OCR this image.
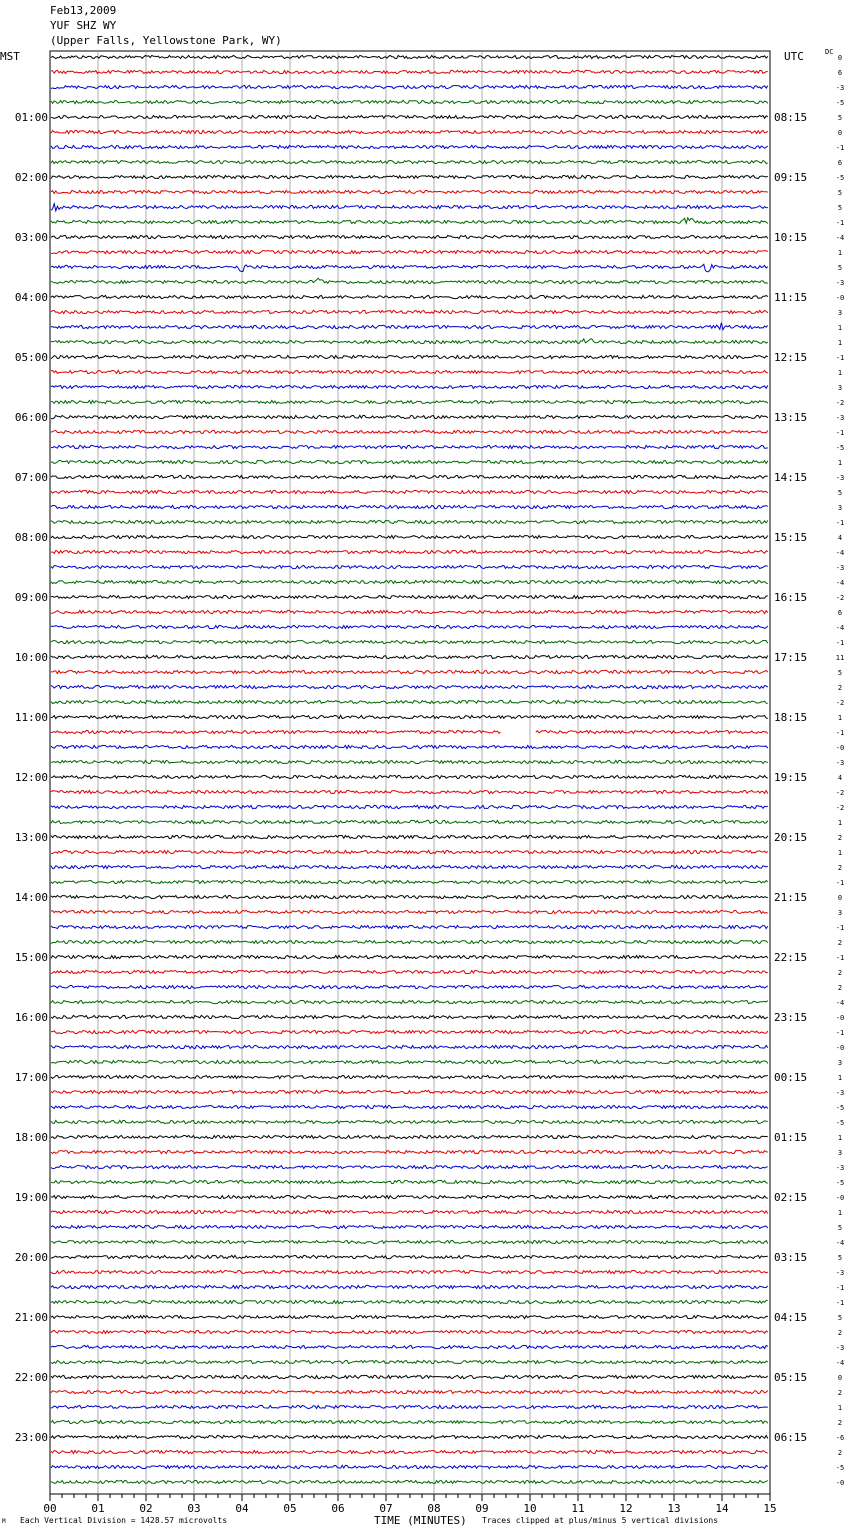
Feb13,2009
YUF SHZ WY
(Upper Falls, Yellowstone Park, WY)
MST	UTC	DC
0
6
-3
-5
5
0
-1
6
-5
5
5
-1
-4
1
5
-3
-0
3
1
1
-1
1
3
-2
-3
-1
-5
1
-3
5
3
-1
4
-4
-3
-4
-2
6
-4
-1
11
5
2
-2
1
-1
-0
-3
4
-2
-2
1
2
1
2
-1
0
3
-1
2
-1
2
2
-4
-0
-1
-0
3
1
-3
-5
-5
1
3
-3
-5
-0
1
5
-4
5
-3
-1
-1
5
2
-3
-4
0
2
1
2
-6
2
-5
-0
01:00
02:00
03:00
04:00
05:00
06:00
07:00
08:00
09:00
10:00
11:00
12:00
13:00
14:00
15:00
16:00
17:00
18:00
19:00
20:00
21:00
22:00
23:00
08:15
09:15
10:15
11:15
12:15
13:15
14:15
15:15
16:15
17:15
18:15
19:15
20:15
21:15
22:15
23:15
00:15
01:15
02:15
03:15
04:15
05:15
06:15
00	01	02	03	04	05	06	07	08	09	10	11	12	13	14	15
M Each Vertical Division = 1428.57 microvolts	TIME (MINUTES) Traces clipped at plus/minus 5 vertical divisions
